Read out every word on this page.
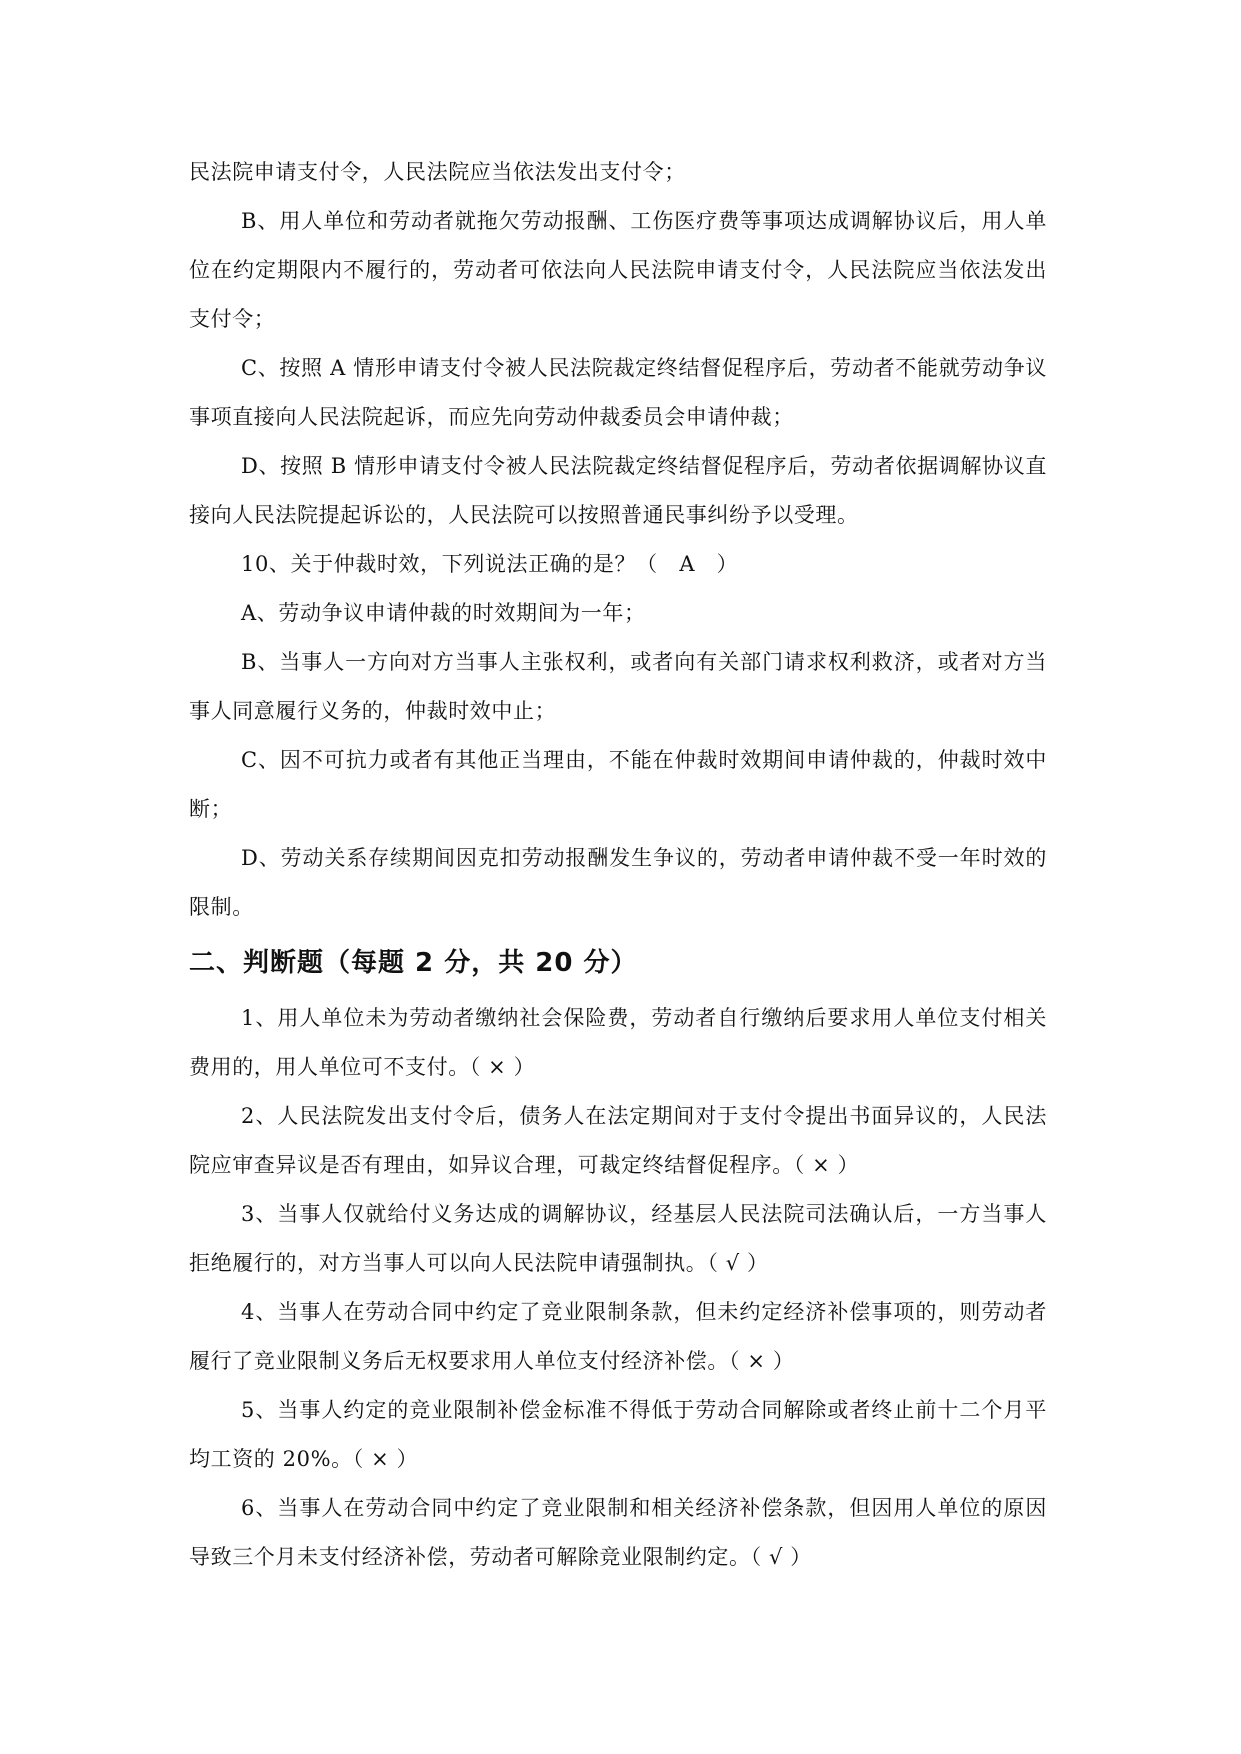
民法院申请支付令，人民法院应当依法发出支付令；

B、用人单位和劳动者就拖欠劳动报酬、工伤医疗费等事项达成调解协议后，用人单位在约定期限内不履行的，劳动者可依法向人民法院申请支付令，人民法院应当依法发出支付令；

C、按照 A 情形申请支付令被人民法院裁定终结督促程序后，劳动者不能就劳动争议事项直接向人民法院起诉，而应先向劳动仲裁委员会申请仲裁；

D、按照 B 情形申请支付令被人民法院裁定终结督促程序后，劳动者依据调解协议直接向人民法院提起诉讼的，人民法院可以按照普通民事纠纷予以受理。

10、关于仲裁时效，下列说法正确的是？（　A　）

A、劳动争议申请仲裁的时效期间为一年；

B、当事人一方向对方当事人主张权利，或者向有关部门请求权利救济，或者对方当事人同意履行义务的，仲裁时效中止；

C、因不可抗力或者有其他正当理由，不能在仲裁时效期间申请仲裁的，仲裁时效中断；

D、劳动关系存续期间因克扣劳动报酬发生争议的，劳动者申请仲裁不受一年时效的限制。

二、判断题（每题 2 分，共 20 分）

1、用人单位未为劳动者缴纳社会保险费，劳动者自行缴纳后要求用人单位支付相关费用的，用人单位可不支付。（ × ）

2、人民法院发出支付令后，债务人在法定期间对于支付令提出书面异议的，人民法院应审查异议是否有理由，如异议合理，可裁定终结督促程序。（ × ）

3、当事人仅就给付义务达成的调解协议，经基层人民法院司法确认后，一方当事人拒绝履行的，对方当事人可以向人民法院申请强制执。（ √ ）

4、当事人在劳动合同中约定了竞业限制条款，但未约定经济补偿事项的，则劳动者履行了竞业限制义务后无权要求用人单位支付经济补偿。（ × ）

5、当事人约定的竞业限制补偿金标准不得低于劳动合同解除或者终止前十二个月平均工资的 20%。（ × ）

6、当事人在劳动合同中约定了竞业限制和相关经济补偿条款，但因用人单位的原因导致三个月未支付经济补偿，劳动者可解除竞业限制约定。（ √ ）
